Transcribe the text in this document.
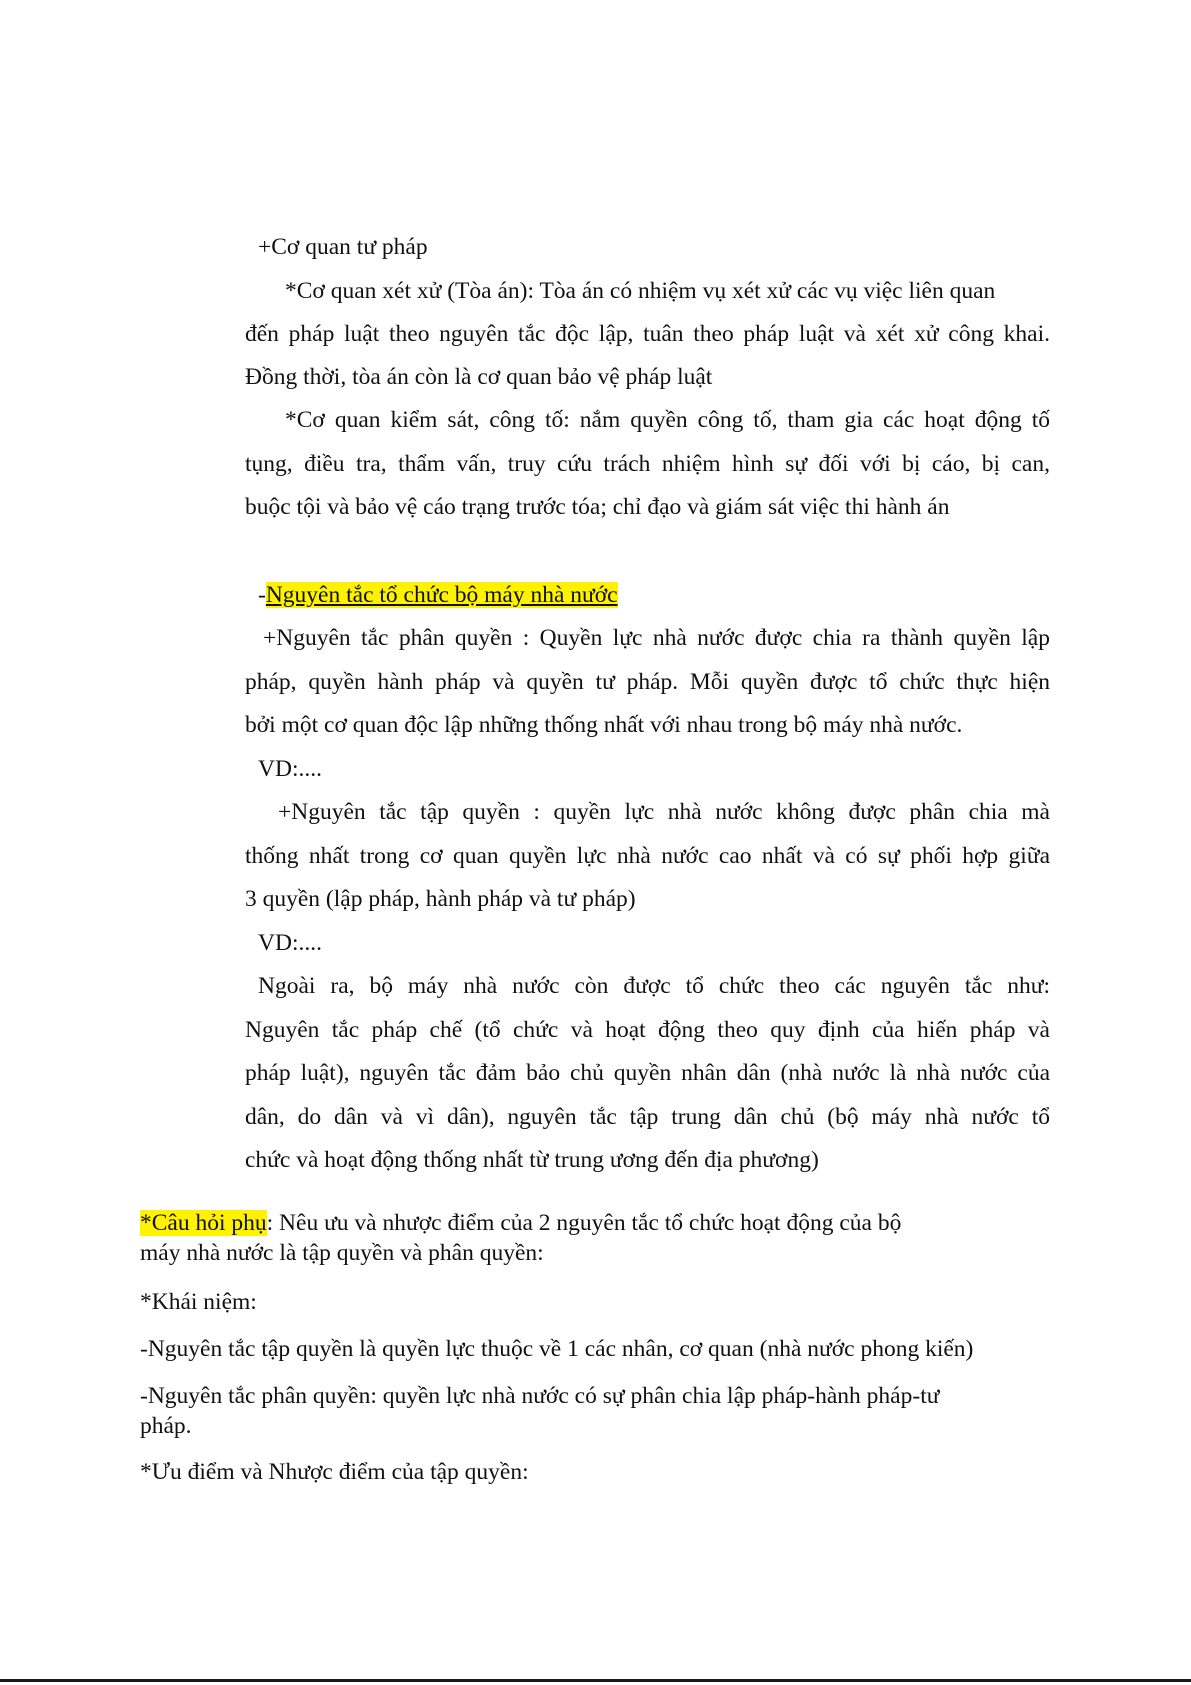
+Cơ quan tư pháp
*Cơ quan xét xử (Tòa án): Tòa án có nhiệm vụ xét xử các vụ việc liên quan
đến pháp luật theo nguyên tắc độc lập, tuân theo pháp luật và xét xử công khai.
Đồng thời, tòa án còn là cơ quan bảo vệ pháp luật
*Cơ quan kiểm sát, công tố: nắm quyền công tố, tham gia các hoạt động tố
tụng, điều tra, thẩm vấn, truy cứu trách nhiệm hình sự đối với bị cáo, bị can,
buộc tội và bảo vệ cáo trạng trước tóa; chỉ đạo và giám sát việc thi hành án
-Nguyên tắc tổ chức bộ máy nhà nước
+Nguyên tắc phân quyền : Quyền lực nhà nước được chia ra thành quyền lập
pháp, quyền hành pháp và quyền tư pháp. Mỗi quyền được tổ chức thực hiện
bởi một cơ quan độc lập những thống nhất với nhau trong bộ máy nhà nước.
VD:....
+Nguyên tắc tập quyền : quyền lực nhà nước không được phân chia mà
thống nhất trong cơ quan quyền lực nhà nước cao nhất và có sự phối hợp giữa
3 quyền (lập pháp, hành pháp và tư pháp)
VD:....
Ngoài ra, bộ máy nhà nước còn được tổ chức theo các nguyên tắc như:
Nguyên tắc pháp chế (tổ chức và hoạt động theo quy định của hiến pháp và
pháp luật), nguyên tắc đảm bảo chủ quyền nhân dân (nhà nước là nhà nước của
dân, do dân và vì dân), nguyên tắc tập trung dân chủ (bộ máy nhà nước tổ
chức và hoạt động thống nhất từ trung ương đến địa phương)
*Câu hỏi phụ: Nêu ưu và nhược điểm của 2 nguyên tắc tổ chức hoạt động của bộ
máy nhà nước là tập quyền và phân quyền:
*Khái niệm:
-Nguyên tắc tập quyền là quyền lực thuộc về 1 các nhân, cơ quan (nhà nước phong kiến)
-Nguyên tắc phân quyền: quyền lực nhà nước có sự phân chia lập pháp-hành pháp-tư
pháp.
*Ưu điểm và Nhược điểm của tập quyền:
